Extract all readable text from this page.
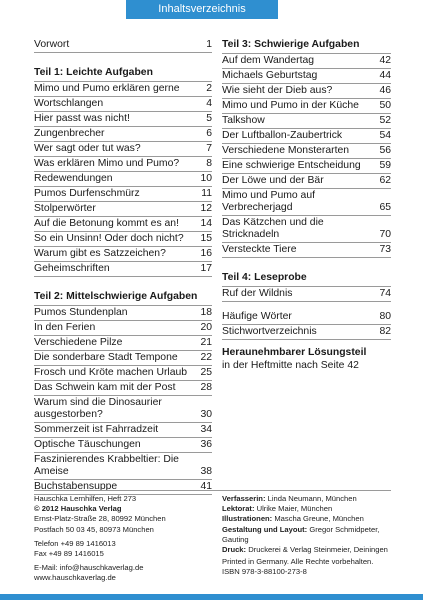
Inhaltsverzeichnis
Vorwort	1
Teil 1: Leichte Aufgaben
Mimo und Pumo erklären gerne	2
Wortschlangen	4
Hier passt was nicht!	5
Zungenbrecher	6
Wer sagt oder tut was?	7
Was erklären Mimo und Pumo?	8
Redewendungen	10
Pumos Durfenschmürz	11
Stolperwörter	12
Auf die Betonung kommt es an! 14
So ein Unsinn! Oder doch nicht? 15
Warum gibt es Satzzeichen?	16
Geheimschriften	17
Teil 2: Mittelschwierige Aufgaben
Pumos Stundenplan	18
In den Ferien	20
Verschiedene Pilze	21
Die sonderbare Stadt Tempone 22
Frosch und Kröte machen Urlaub 25
Das Schwein kam mit der Post 28
Warum sind die Dinosaurier ausgestorben?	30
Sommerzeit ist Fahrradzeit	34
Optische Täuschungen	36
Faszinierendes Krabbeltier: Die Ameise	38
Buchstabensuppe	41
Teil 3: Schwierige Aufgaben
Auf dem Wandertag	42
Michaels Geburtstag	44
Wie sieht der Dieb aus?	46
Mimo und Pumo in der Küche 50
Talkshow	52
Der Luftballon-Zaubertrick	54
Verschiedene Monsterarten	56
Eine schwierige Entscheidung 59
Der Löwe und der Bär	62
Mimo und Pumo auf Verbrecherjagd	65
Das Kätzchen und die Stricknadeln	70
Versteckte Tiere	73
Teil 4: Leseprobe
Ruf der Wildnis	74
Häufige Wörter	80
Stichwortverzeichnis	82
Heraunehmbarer Lösungsteil
in der Heftmitte nach Seite 42
Hauschka Lernhilfen, Heft 273
© 2012 Hauschka Verlag
Ernst-Platz-Straße 28, 80992 München
Postfach 50 03 45, 80973 München
Telefon +49 89 1416013
Fax +49 89 1416015
E-Mail: info@hauschkaverlag.de
www.hauschkaverlag.de
Verfasserin: Linda Neumann, München
Lektorat: Ulrike Maier, München
Illustrationen: Mascha Greune, München
Gestaltung und Layout: Gregor Schmidpeter, Gauting
Druck: Druckerei & Verlag Steinmeier, Deiningen
Printed in Germany. Alle Rechte vorbehalten.
ISBN 978-3-88100-273-8
